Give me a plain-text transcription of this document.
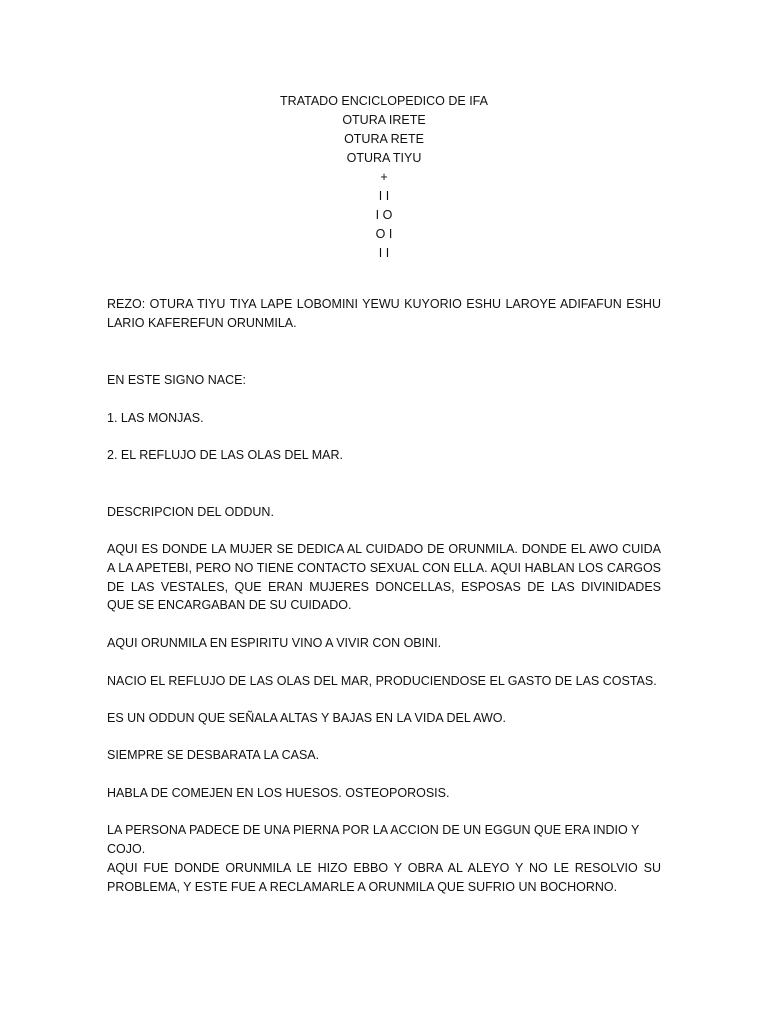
TRATADO ENCICLOPEDICO DE IFA
OTURA IRETE
OTURA RETE
OTURA TIYU
+
I I
I O
O I
I I

REZO: OTURA TIYU TIYA LAPE LOBOMINI YEWU KUYORIO ESHU LAROYE ADIFAFUN ESHU LARIO KAFEREFUN ORUNMILA.

EN ESTE SIGNO NACE:

1. LAS MONJAS.

2. EL REFLUJO DE LAS OLAS DEL MAR.

DESCRIPCION DEL ODDUN.

AQUI ES DONDE LA MUJER SE DEDICA AL CUIDADO DE ORUNMILA. DONDE EL AWO CUIDA A LA APETEBI, PERO NO TIENE CONTACTO SEXUAL CON ELLA. AQUI HABLAN LOS CARGOS DE LAS VESTALES, QUE ERAN MUJERES DONCELLAS, ESPOSAS DE LAS DIVINIDADES QUE SE ENCARGABAN DE SU CUIDADO.

AQUI ORUNMILA EN ESPIRITU VINO A VIVIR CON OBINI.

NACIO EL REFLUJO DE LAS OLAS DEL MAR, PRODUCIENDOSE EL GASTO DE LAS COSTAS.

ES UN ODDUN QUE SEÑALA ALTAS Y BAJAS EN LA VIDA DEL AWO.

SIEMPRE SE DESBARATA LA CASA.

HABLA DE COMEJEN EN LOS HUESOS. OSTEOPOROSIS.

LA PERSONA PADECE DE UNA PIERNA POR LA ACCION DE UN EGGUN QUE ERA INDIO Y COJO.

AQUI FUE DONDE ORUNMILA LE HIZO EBBO Y OBRA AL ALEYO Y NO LE RESOLVIO SU PROBLEMA, Y ESTE FUE A RECLAMARLE A ORUNMILA QUE SUFRIO UN BOCHORNO.
